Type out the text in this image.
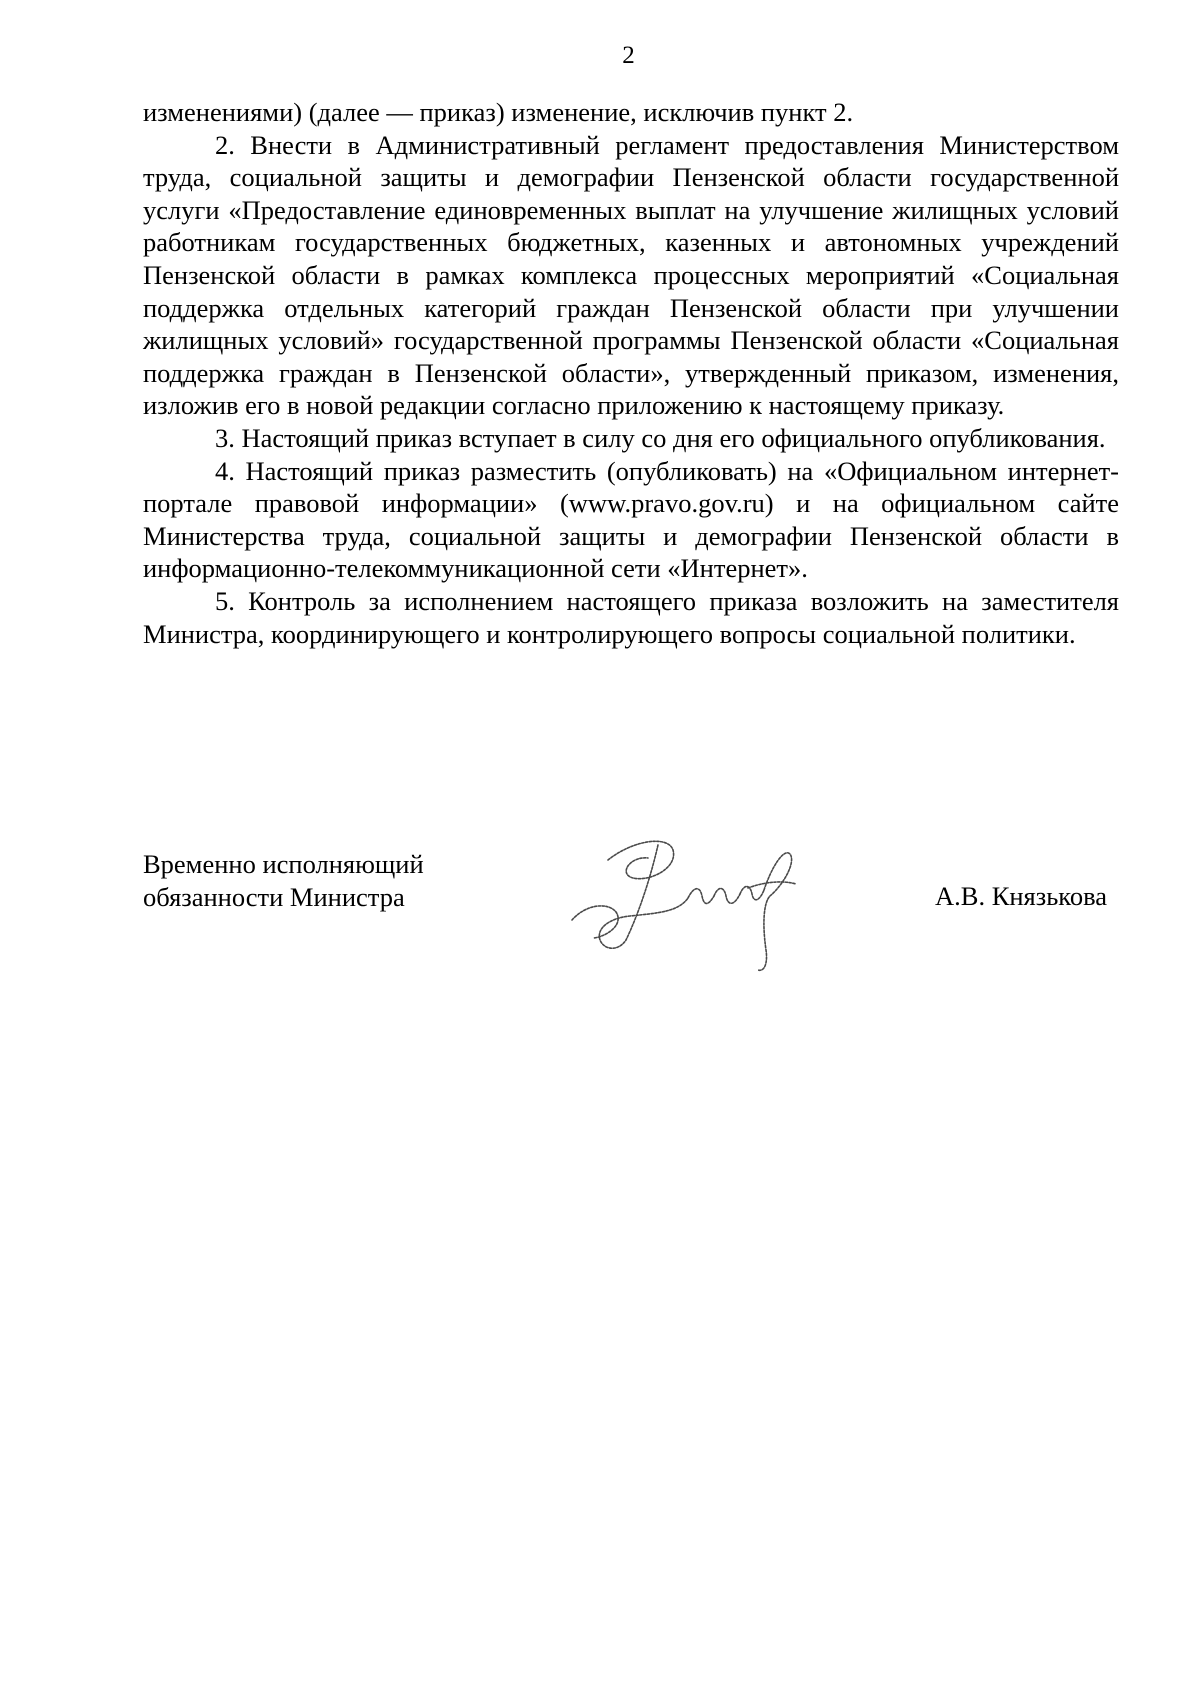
2

изменениями) (далее — приказ) изменение, исключив пункт 2.

2. Внести в Административный регламент предоставления Министерством труда, социальной защиты и демографии Пензенской области государственной услуги «Предоставление единовременных выплат на улучшение жилищных условий работникам государственных бюджетных, казенных и автономных учреждений Пензенской области в рамках комплекса процессных мероприятий «Социальная поддержка отдельных категорий граждан Пензенской области при улучшении жилищных условий» государственной программы Пензенской области «Социальная поддержка граждан в Пензенской области», утвержденный приказом, изменения, изложив его в новой редакции согласно приложению к настоящему приказу.

3. Настоящий приказ вступает в силу со дня его официального опубликования.

4. Настоящий приказ разместить (опубликовать) на «Официальном интернет-портале правовой информации» (www.pravo.gov.ru) и на официальном сайте Министерства труда, социальной защиты и демографии Пензенской области в информационно-телекоммуникационной сети «Интернет».

5. Контроль за исполнением настоящего приказа возложить на заместителя Министра, координирующего и контролирующего вопросы социальной политики.

Временно исполняющий
обязанности Министра	А.В. Князькова
